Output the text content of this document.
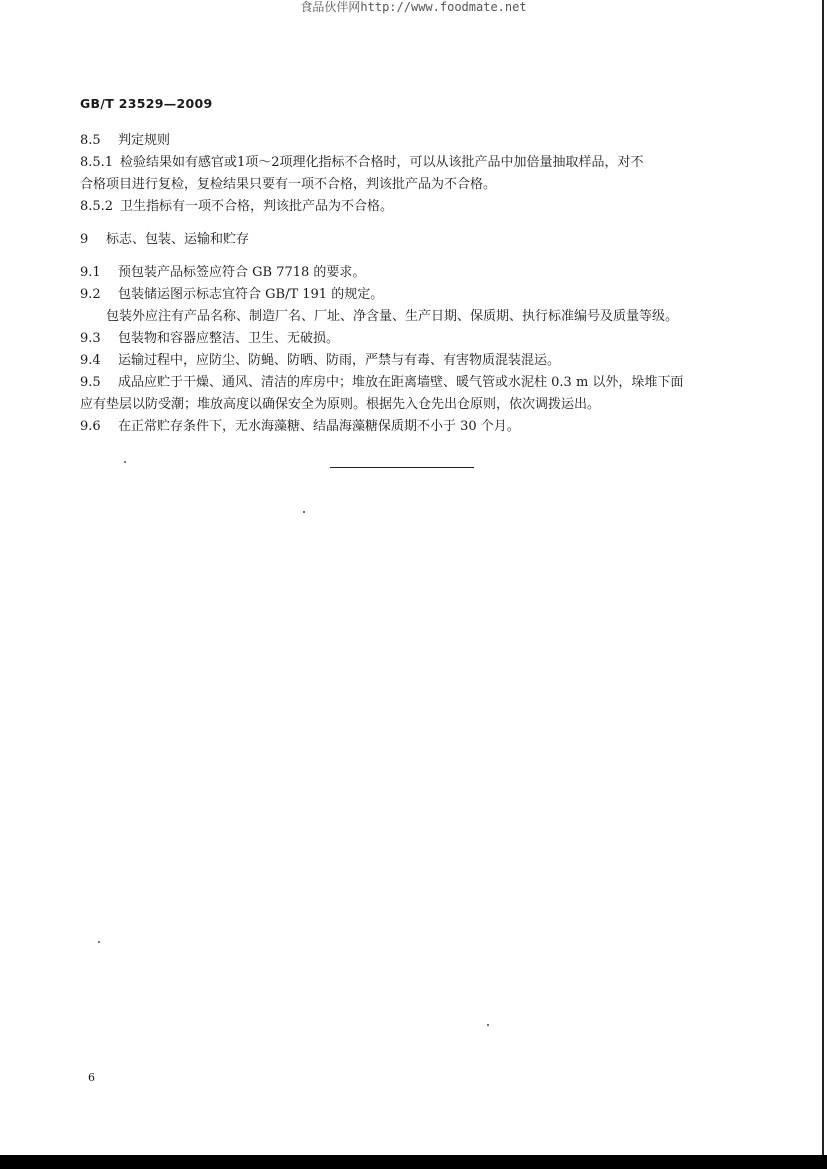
食品伙伴网http://www.foodmate.net
GB/T 23529—2009

8.5 判定规则

8.5.1 检验结果如有感官或1项～2项理化指标不合格时，可以从该批产品中加倍量抽取样品，对不

合格项目进行复检，复检结果只要有一项不合格，判该批产品为不合格。

8.5.2 卫生指标有一项不合格，判该批产品为不合格。

9 标志、包装、运输和贮存

9.1 预包装产品标签应符合 GB 7718 的要求。

9.2 包装储运图示标志宜符合 GB/T 191 的规定。

包装外应注有产品名称、制造厂名、厂址、净含量、生产日期、保质期、执行标准编号及质量等级。

9.3 包装物和容器应整洁、卫生、无破损。

9.4 运输过程中，应防尘、防蝇、防晒、防雨，严禁与有毒、有害物质混装混运。

9.5 成品应贮于干燥、通风、清洁的库房中；堆放在距离墙壁、暖气管或水泥柱 0.3 m 以外，垛堆下面

应有垫层以防受潮；堆放高度以确保安全为原则。根据先入仓先出仓原则，依次调拨运出。

9.6 在正常贮存条件下，无水海藻糖、结晶海藻糖保质期不小于 30 个月。

6
